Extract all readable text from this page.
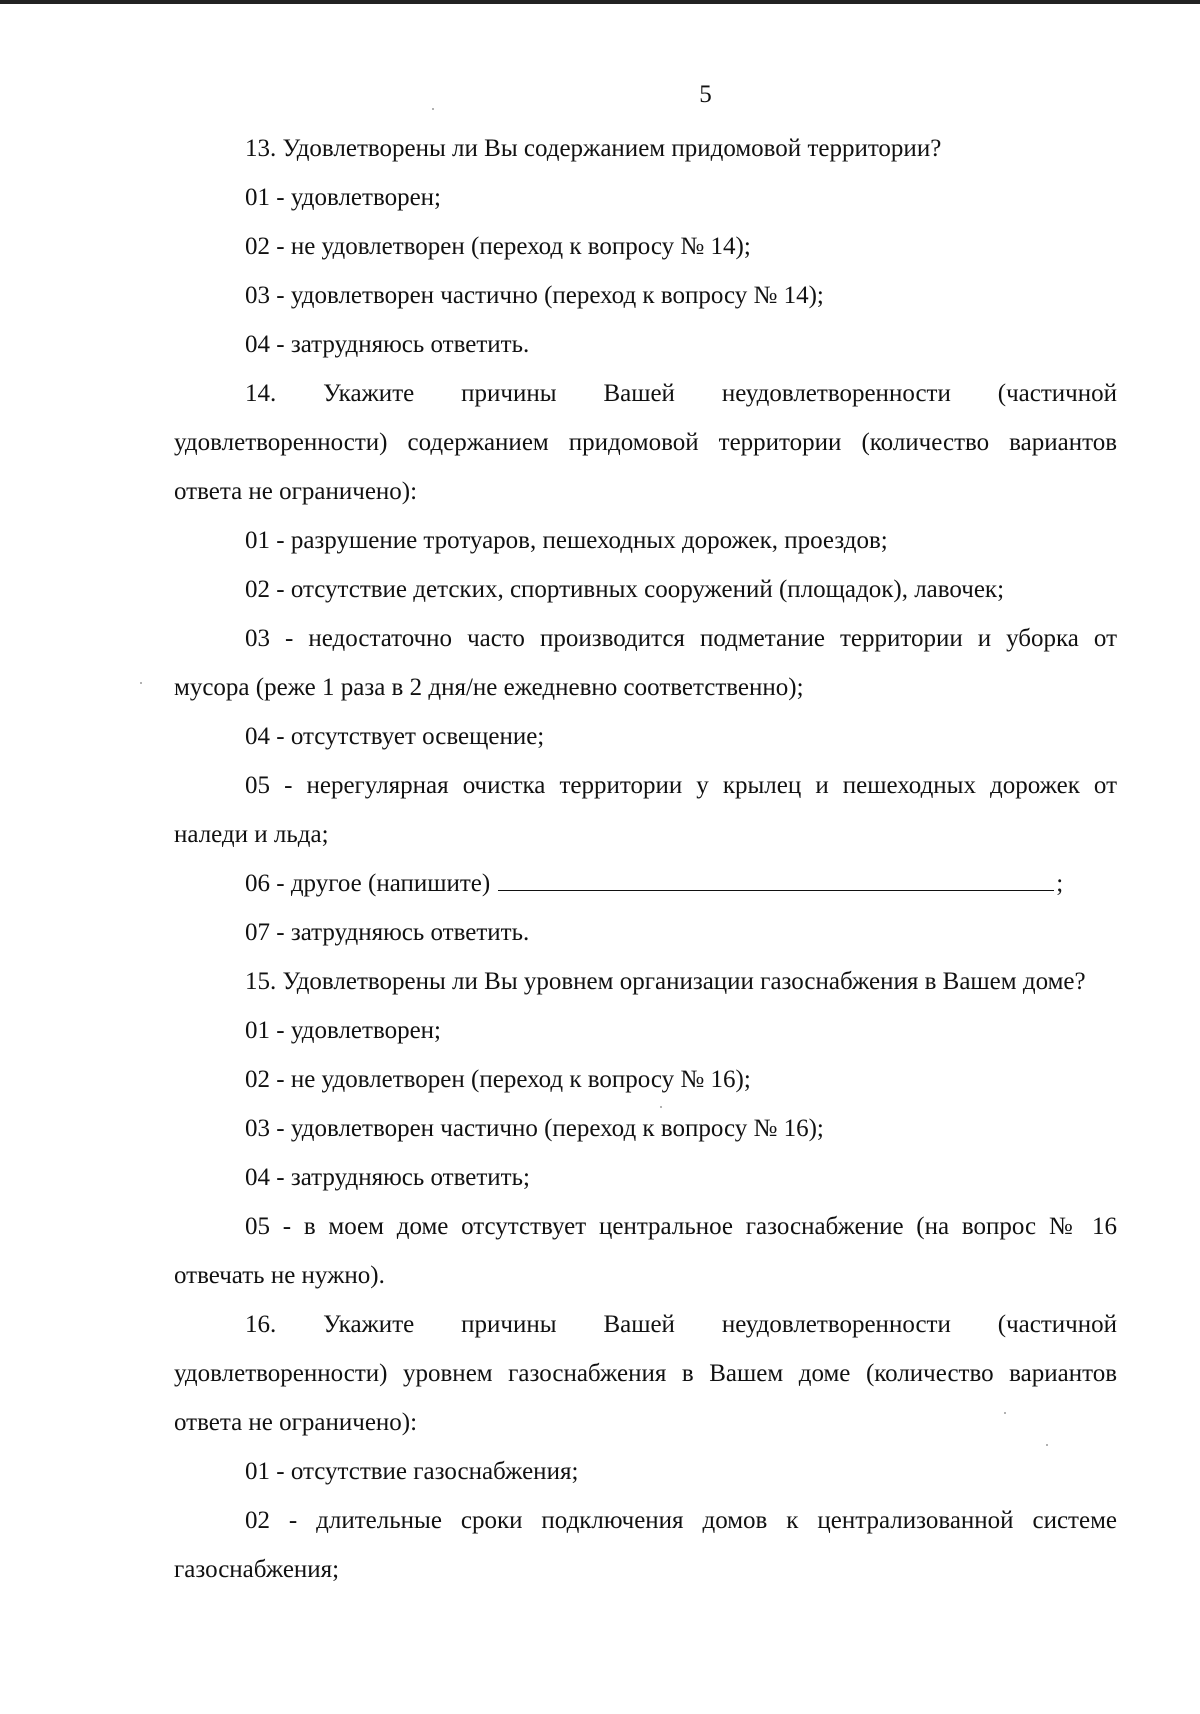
5

13. Удовлетворены ли Вы содержанием придомовой территории?

01 - удовлетворен;

02 - не удовлетворен (переход к вопросу № 14);

03 - удовлетворен частично (переход к вопросу № 14);

04 - затрудняюсь ответить.

14. Укажите причины Вашей неудовлетворенности (частичной удовлетворенности) содержанием придомовой территории (количество вариантов ответа не ограничено):

01 - разрушение тротуаров, пешеходных дорожек, проездов;

02 - отсутствие детских, спортивных сооружений (площадок), лавочек;

03 - недостаточно часто производится подметание территории и уборка от мусора (реже 1 раза в 2 дня/не ежедневно соответственно);

04 - отсутствует освещение;

05 - нерегулярная очистка территории у крылец и пешеходных дорожек от наледи и льда;

06 - другое (напишите)	;

07 - затрудняюсь ответить.

15. Удовлетворены ли Вы уровнем организации газоснабжения в Вашем доме?

01 - удовлетворен;

02 - не удовлетворен (переход к вопросу № 16);

03 - удовлетворен частично (переход к вопросу № 16);

04 - затрудняюсь ответить;

05 - в моем доме отсутствует центральное газоснабжение (на вопрос № 16 отвечать не нужно).

16. Укажите причины Вашей неудовлетворенности (частичной удовлетворенности) уровнем газоснабжения в Вашем доме (количество вариантов ответа не ограничено):

01 - отсутствие газоснабжения;

02 - длительные сроки подключения домов к централизованной системе газоснабжения;
